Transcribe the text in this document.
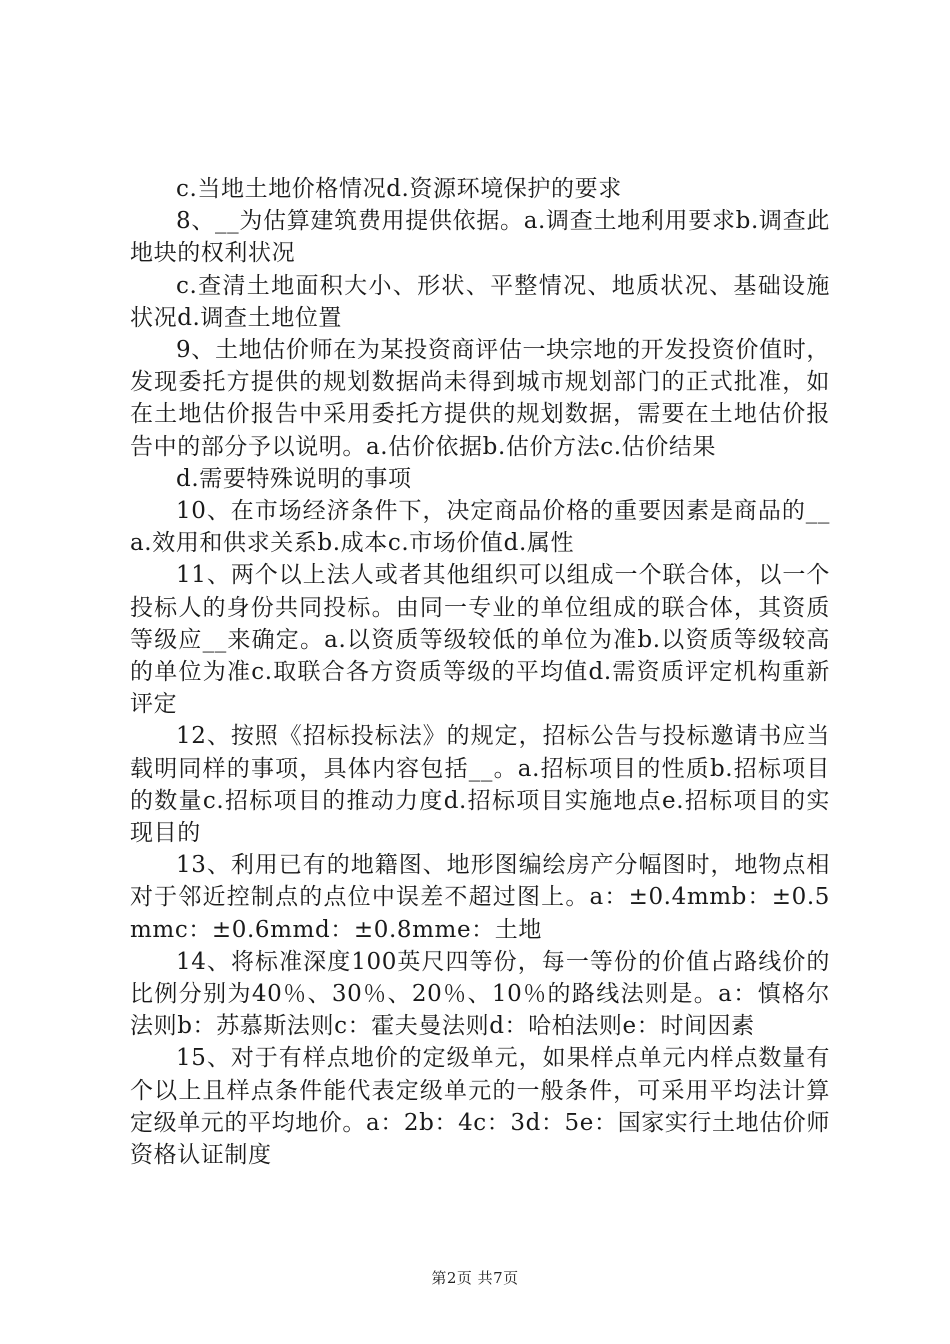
c.当地土地价格情况d.资源环境保护的要求

8、__为估算建筑费用提供依据。a.调查土地利用要求b.调查此地块的权利状况

c.查清土地面积大小、形状、平整情况、地质状况、基础设施状况d.调查土地位置

9、土地估价师在为某投资商评估一块宗地的开发投资价值时，发现委托方提供的规划数据尚未得到城市规划部门的正式批准，如在土地估价报告中采用委托方提供的规划数据，需要在土地估价报告中的部分予以说明。a.估价依据b.估价方法c.估价结果

d.需要特殊说明的事项

10、在市场经济条件下，决定商品价格的重要因素是商品的__a.效用和供求关系b.成本c.市场价值d.属性

11、两个以上法人或者其他组织可以组成一个联合体，以一个投标人的身份共同投标。由同一专业的单位组成的联合体，其资质等级应__来确定。a.以资质等级较低的单位为准b.以资质等级较高的单位为准c.取联合各方资质等级的平均值d.需资质评定机构重新评定

12、按照《招标投标法》的规定，招标公告与投标邀请书应当载明同样的事项，具体内容包括__。a.招标项目的性质b.招标项目的数量c.招标项目的推动力度d.招标项目实施地点e.招标项目的实现目的

13、利用已有的地籍图、地形图编绘房产分幅图时，地物点相对于邻近控制点的点位中误差不超过图上。a：±0.4mmb：±0.5mmc：±0.6mmd：±0.8mme：土地

14、将标准深度100英尺四等份，每一等份的价值占路线价的比例分别为40％、30％、20％、10％的路线法则是。a：慎格尔法则b：苏慕斯法则c：霍夫曼法则d：哈柏法则e：时间因素

15、对于有样点地价的定级单元，如果样点单元内样点数量有个以上且样点条件能代表定级单元的一般条件，可采用平均法计算定级单元的平均地价。a：2b：4c：3d：5e：国家实行土地估价师资格认证制度

第2页 共7页
